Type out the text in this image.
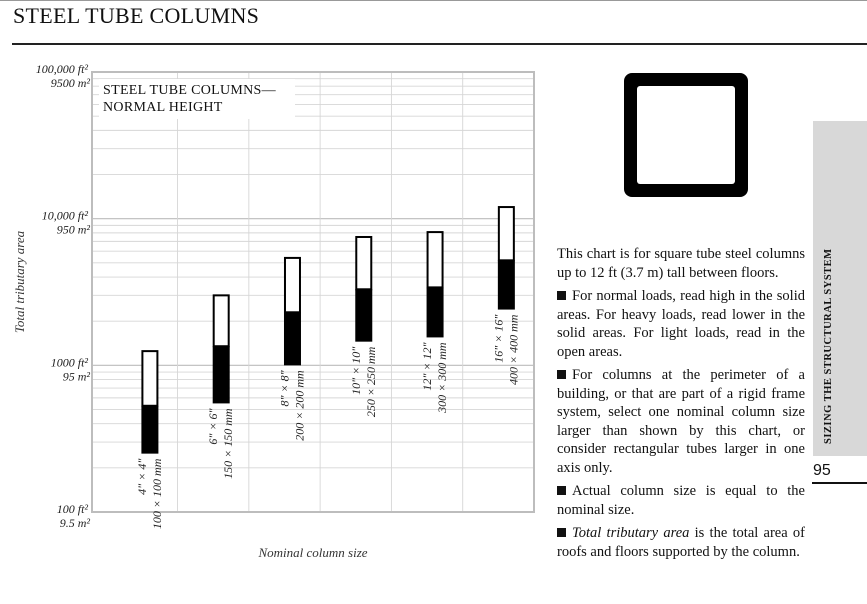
STEEL TUBE COLUMNS
STEEL TUBE COLUMNS—
NORMAL HEIGHT
100,000 ft²
9500 m²
10,000 ft²
950 m²
1000 ft²
95 m²
100 ft²
9.5 m²
Total tributary area
4" × 4" 100 × 100 mm
6" × 6" 150 × 150 mm
8" × 8" 200 × 200 mm	10" × 10" 250 × 250 mm	12" × 12" 300 × 300 mm
16" × 16" 400 × 400 mm
Nominal column size

This chart is for square tube steel columns up to 12 ft (3.7 m) tall between floors.

For normal loads, read high in the solid areas. For heavy loads, read lower in the solid areas. For light loads, read in the open areas.

For columns at the perimeter of a building, or that are part of a rigid frame system, select one nominal column size larger than shown by this chart, or consider rectangular tubes larger in one axis only.

Actual column size is equal to the nominal size.

Total tributary area is the total area of roofs and floors supported by the column.

SIZING THE STRUCTURAL SYSTEM
95
